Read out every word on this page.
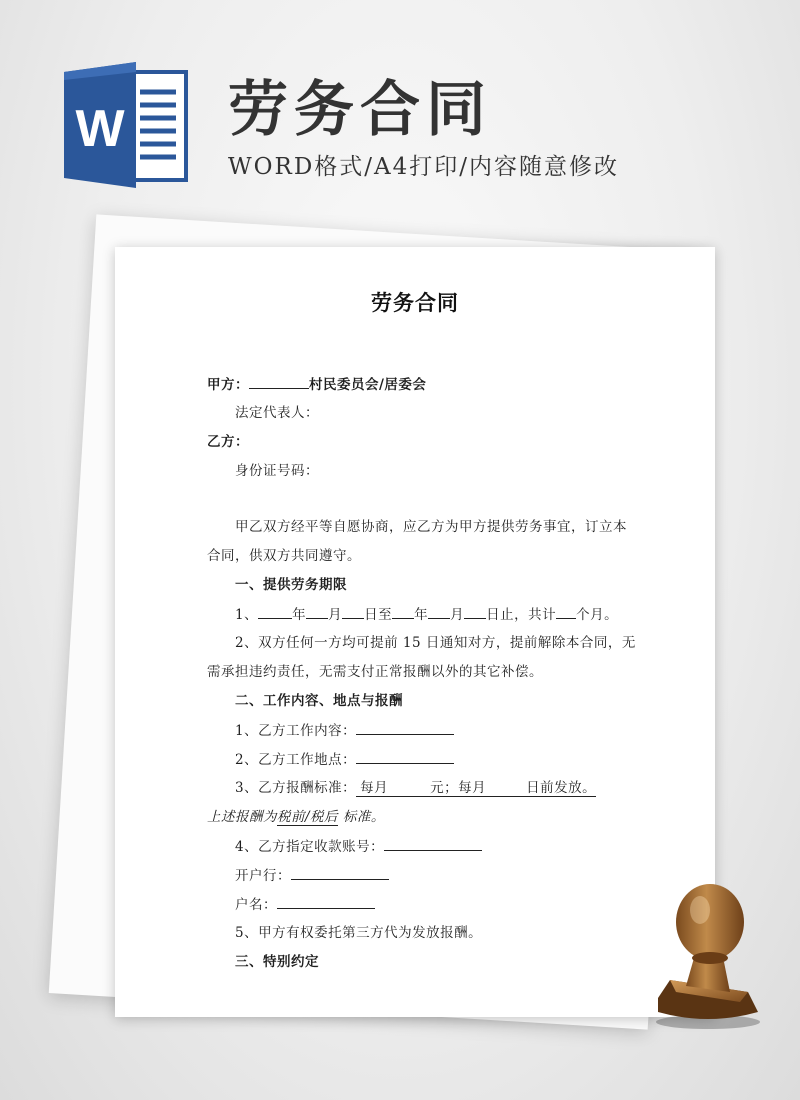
W 劳务合同

WORD格式/A4打印/内容随意修改

劳务合同
甲方：	村民委员会/居委会
法定代表人：
乙方：
身份证号码：
甲乙双方经平等自愿协商，应乙方为甲方提供劳务事宜，订立本
合同，供双方共同遵守。
一、提供劳务期限
1、	年 月 日至 年 月 日止，共计 个月。
2、双方任何一方均可提前 15 日通知对方，提前解除本合同，无
需承担违约责任，无需支付正常报酬以外的其它补偿。
二、工作内容、地点与报酬
1、乙方工作内容：
2、乙方工作地点：
3、乙方报酬标准： 每月	元；每月	日前发放。
上述报酬为税前/税后 标准。
4、乙方指定收款账号：
开户行：
户名：
5、甲方有权委托第三方代为发放报酬。
三、特别约定
